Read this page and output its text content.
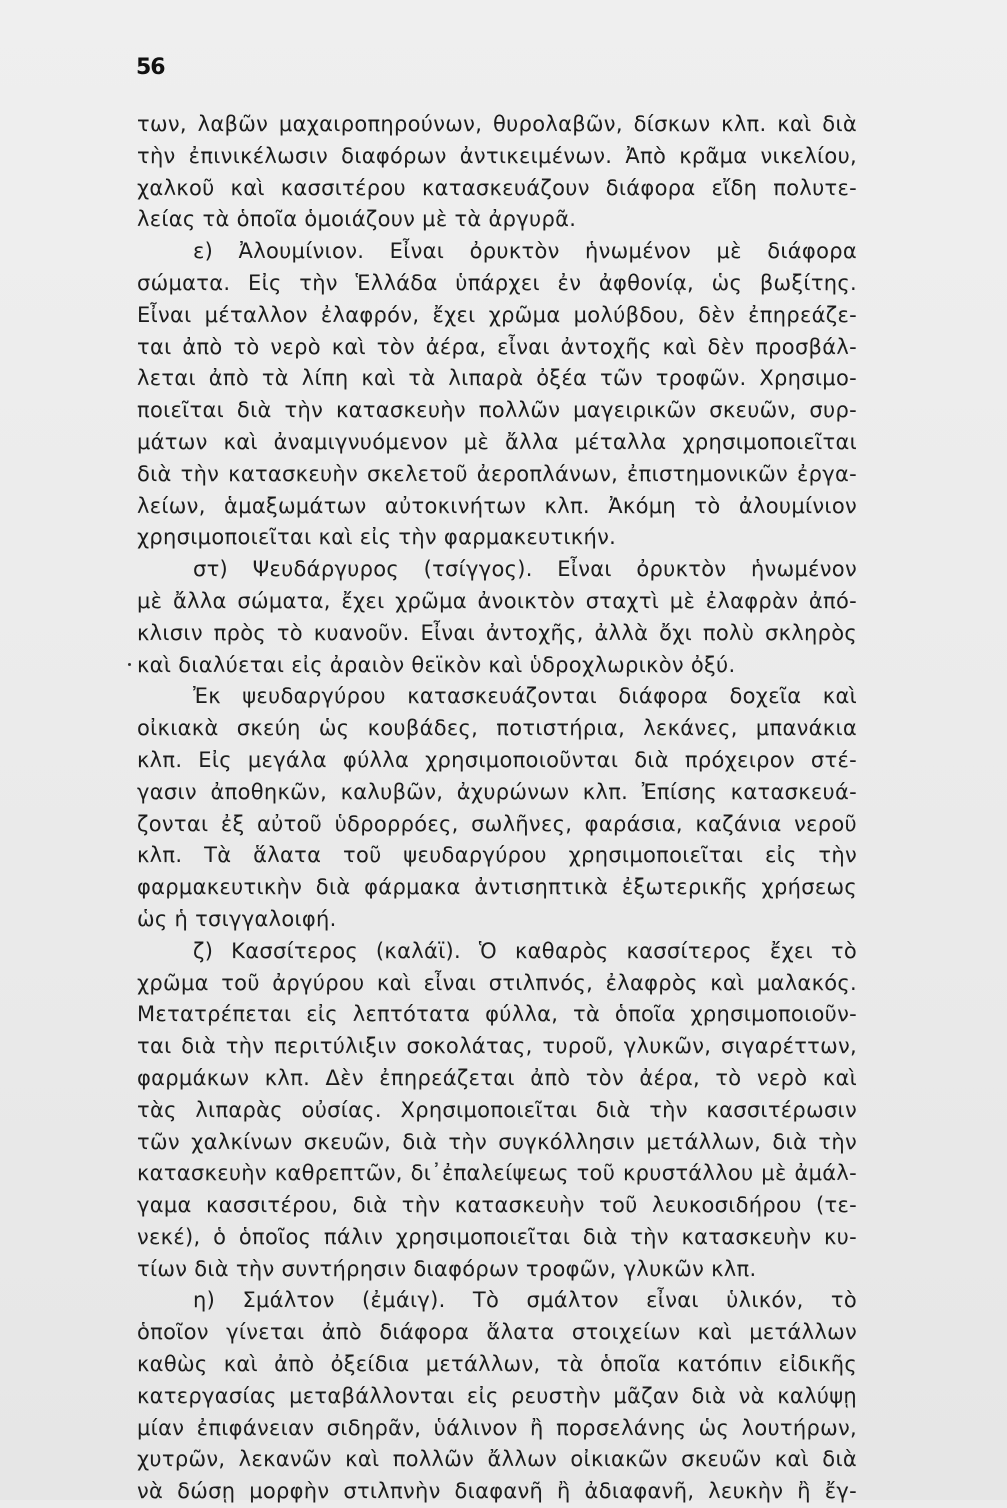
56
των, λαβῶν μαχαιροπηρούνων, θυρολαβῶν, δίσκων κλπ. καὶ διὰ
τὴν ἐπινικέλωσιν διαφόρων ἀντικειμένων. Ἀπὸ κρᾶμα νικελίου,
χαλκοῦ καὶ κασσιτέρου κατασκευάζουν διάφορα εἴδη πολυτε-
λείας τὰ ὁποῖα ὁμοιάζουν μὲ τὰ ἀργυρᾶ.
ε) Ἀλουμίνιον. Εἶναι ὀρυκτὸν ἡνωμένον μὲ διάφορα
σώματα. Εἰς τὴν Ἑλλάδα ὑπάρχει ἐν ἀφθονίᾳ, ὡς βωξίτης.
Εἶναι μέταλλον ἐλαφρόν, ἔχει χρῶμα μολύβδου, δὲν ἐπηρεάζε-
ται ἀπὸ τὸ νερὸ καὶ τὸν ἀέρα, εἶναι ἀντοχῆς καὶ δὲν προσβάλ-
λεται ἀπὸ τὰ λίπη καὶ τὰ λιπαρὰ ὀξέα τῶν τροφῶν. Χρησιμο-
ποιεῖται διὰ τὴν κατασκευὴν πολλῶν μαγειρικῶν σκευῶν, συρ-
μάτων καὶ ἀναμιγνυόμενον μὲ ἄλλα μέταλλα χρησιμοποιεῖται
διὰ τὴν κατασκευὴν σκελετοῦ ἀεροπλάνων, ἐπιστημονικῶν ἐργα-
λείων, ἁμαξωμάτων αὐτοκινήτων κλπ. Ἀκόμη τὸ ἀλουμίνιον
χρησιμοποιεῖται καὶ εἰς τὴν φαρμακευτικήν.
στ) Ψευδάργυρος (τσίγγος). Εἶναι ὀρυκτὸν ἡνωμένον
μὲ ἄλλα σώματα, ἔχει χρῶμα ἀνοικτὸν σταχτὶ μὲ ἐλαφρὰν ἀπό-
κλισιν πρὸς τὸ κυανοῦν. Εἶναι ἀντοχῆς, ἀλλὰ ὄχι πολὺ σκληρὸς
καὶ διαλύεται εἰς ἀραιὸν θεϊκὸν καὶ ὑδροχλωρικὸν ὀξύ.
Ἐκ ψευδαργύρου κατασκευάζονται διάφορα δοχεῖα καὶ
οἰκιακὰ σκεύη ὡς κουβάδες, ποτιστήρια, λεκάνες, μπανάκια
κλπ. Εἰς μεγάλα φύλλα χρησιμοποιοῦνται διὰ πρόχειρον στέ-
γασιν ἀποθηκῶν, καλυβῶν, ἀχυρώνων κλπ. Ἐπίσης κατασκευά-
ζονται ἐξ αὐτοῦ ὑδρορρόες, σωλῆνες, φαράσια, καζάνια νεροῦ
κλπ. Τὰ ἅλατα τοῦ ψευδαργύρου χρησιμοποιεῖται εἰς τὴν
φαρμακευτικὴν διὰ φάρμακα ἀντισηπτικὰ ἐξωτερικῆς χρήσεως
ὡς ἡ τσιγγαλοιφή.
ζ) Κασσίτερος (καλάϊ). Ὁ καθαρὸς κασσίτερος ἔχει τὸ
χρῶμα τοῦ ἀργύρου καὶ εἶναι στιλπνός, ἐλαφρὸς καὶ μαλακός.
Μετατρέπεται εἰς λεπτότατα φύλλα, τὰ ὁποῖα χρησιμοποιοῦν-
ται διὰ τὴν περιτύλιξιν σοκολάτας, τυροῦ, γλυκῶν, σιγαρέττων,
φαρμάκων κλπ. Δὲν ἐπηρεάζεται ἀπὸ τὸν ἀέρα, τὸ νερὸ καὶ
τὰς λιπαρὰς οὐσίας. Χρησιμοποιεῖται διὰ τὴν κασσιτέρωσιν
τῶν χαλκίνων σκευῶν, διὰ τὴν συγκόλλησιν μετάλλων, διὰ τὴν
κατασκευὴν καθρεπτῶν, δι᾽ἐπαλείψεως τοῦ κρυστάλλου μὲ ἀμάλ-
γαμα κασσιτέρου, διὰ τὴν κατασκευὴν τοῦ λευκοσιδήρου (τε-
νεκέ), ὁ ὁποῖος πάλιν χρησιμοποιεῖται διὰ τὴν κατασκευὴν κυ-
τίων διὰ τὴν συντήρησιν διαφόρων τροφῶν, γλυκῶν κλπ.
η) Σμάλτον (ἐμάιγ). Τὸ σμάλτον εἶναι ὑλικόν, τὸ
ὁποῖον γίνεται ἀπὸ διάφορα ἅλατα στοιχείων καὶ μετάλλων
καθὼς καὶ ἀπὸ ὀξείδια μετάλλων, τὰ ὁποῖα κατόπιν εἰδικῆς
κατεργασίας μεταβάλλονται εἰς ρευστὴν μᾶζαν διὰ νὰ καλύψῃ
μίαν ἐπιφάνειαν σιδηρᾶν, ὑάλινον ἢ πορσελάνης ὡς λουτήρων,
χυτρῶν, λεκανῶν καὶ πολλῶν ἄλλων οἰκιακῶν σκευῶν καὶ διὰ
νὰ δώσῃ μορφὴν στιλπνὴν διαφανῆ ἢ ἀδιαφανῆ, λευκὴν ἢ ἔγ-
